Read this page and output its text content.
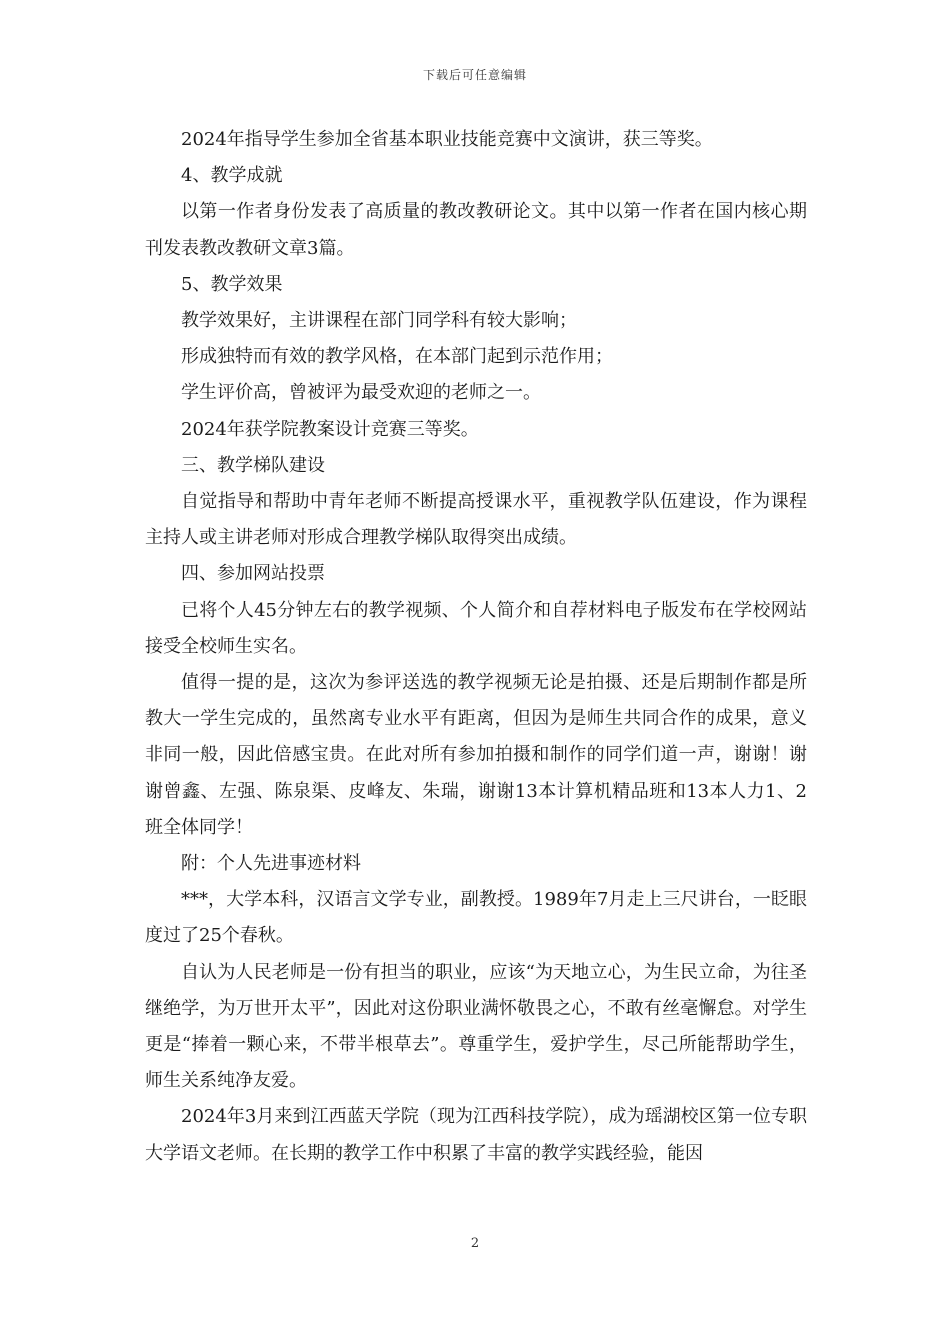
下载后可任意编辑

2024年指导学生参加全省基本职业技能竞赛中文演讲，获三等奖。

4、教学成就

以第一作者身份发表了高质量的教改教研论文。其中以第一作者在国内核心期刊发表教改教研文章3篇。

5、教学效果

教学效果好，主讲课程在部门同学科有较大影响；

形成独特而有效的教学风格，在本部门起到示范作用；

学生评价高，曾被评为最受欢迎的老师之一。

2024年获学院教案设计竞赛三等奖。

三、教学梯队建设

自觉指导和帮助中青年老师不断提高授课水平，重视教学队伍建设，作为课程主持人或主讲老师对形成合理教学梯队取得突出成绩。

四、参加网站投票

已将个人45分钟左右的教学视频、个人简介和自荐材料电子版发布在学校网站接受全校师生实名。

值得一提的是，这次为参评送选的教学视频无论是拍摄、还是后期制作都是所教大一学生完成的，虽然离专业水平有距离，但因为是师生共同合作的成果，意义非同一般，因此倍感宝贵。在此对所有参加拍摄和制作的同学们道一声，谢谢！谢谢曾鑫、左强、陈泉渠、皮峰友、朱瑞，谢谢13本计算机精品班和13本人力1、2班全体同学！

附：个人先进事迹材料

***，大学本科，汉语言文学专业，副教授。1989年7月走上三尺讲台，一眨眼度过了25个春秋。

自认为人民老师是一份有担当的职业，应该“为天地立心，为生民立命，为往圣继绝学，为万世开太平”，因此对这份职业满怀敬畏之心，不敢有丝毫懈怠。对学生更是“捧着一颗心来，不带半根草去”。尊重学生，爱护学生，尽己所能帮助学生，师生关系纯净友爱。

2024年3月来到江西蓝天学院（现为江西科技学院），成为瑶湖校区第一位专职大学语文老师。在长期的教学工作中积累了丰富的教学实践经验，能因

2
